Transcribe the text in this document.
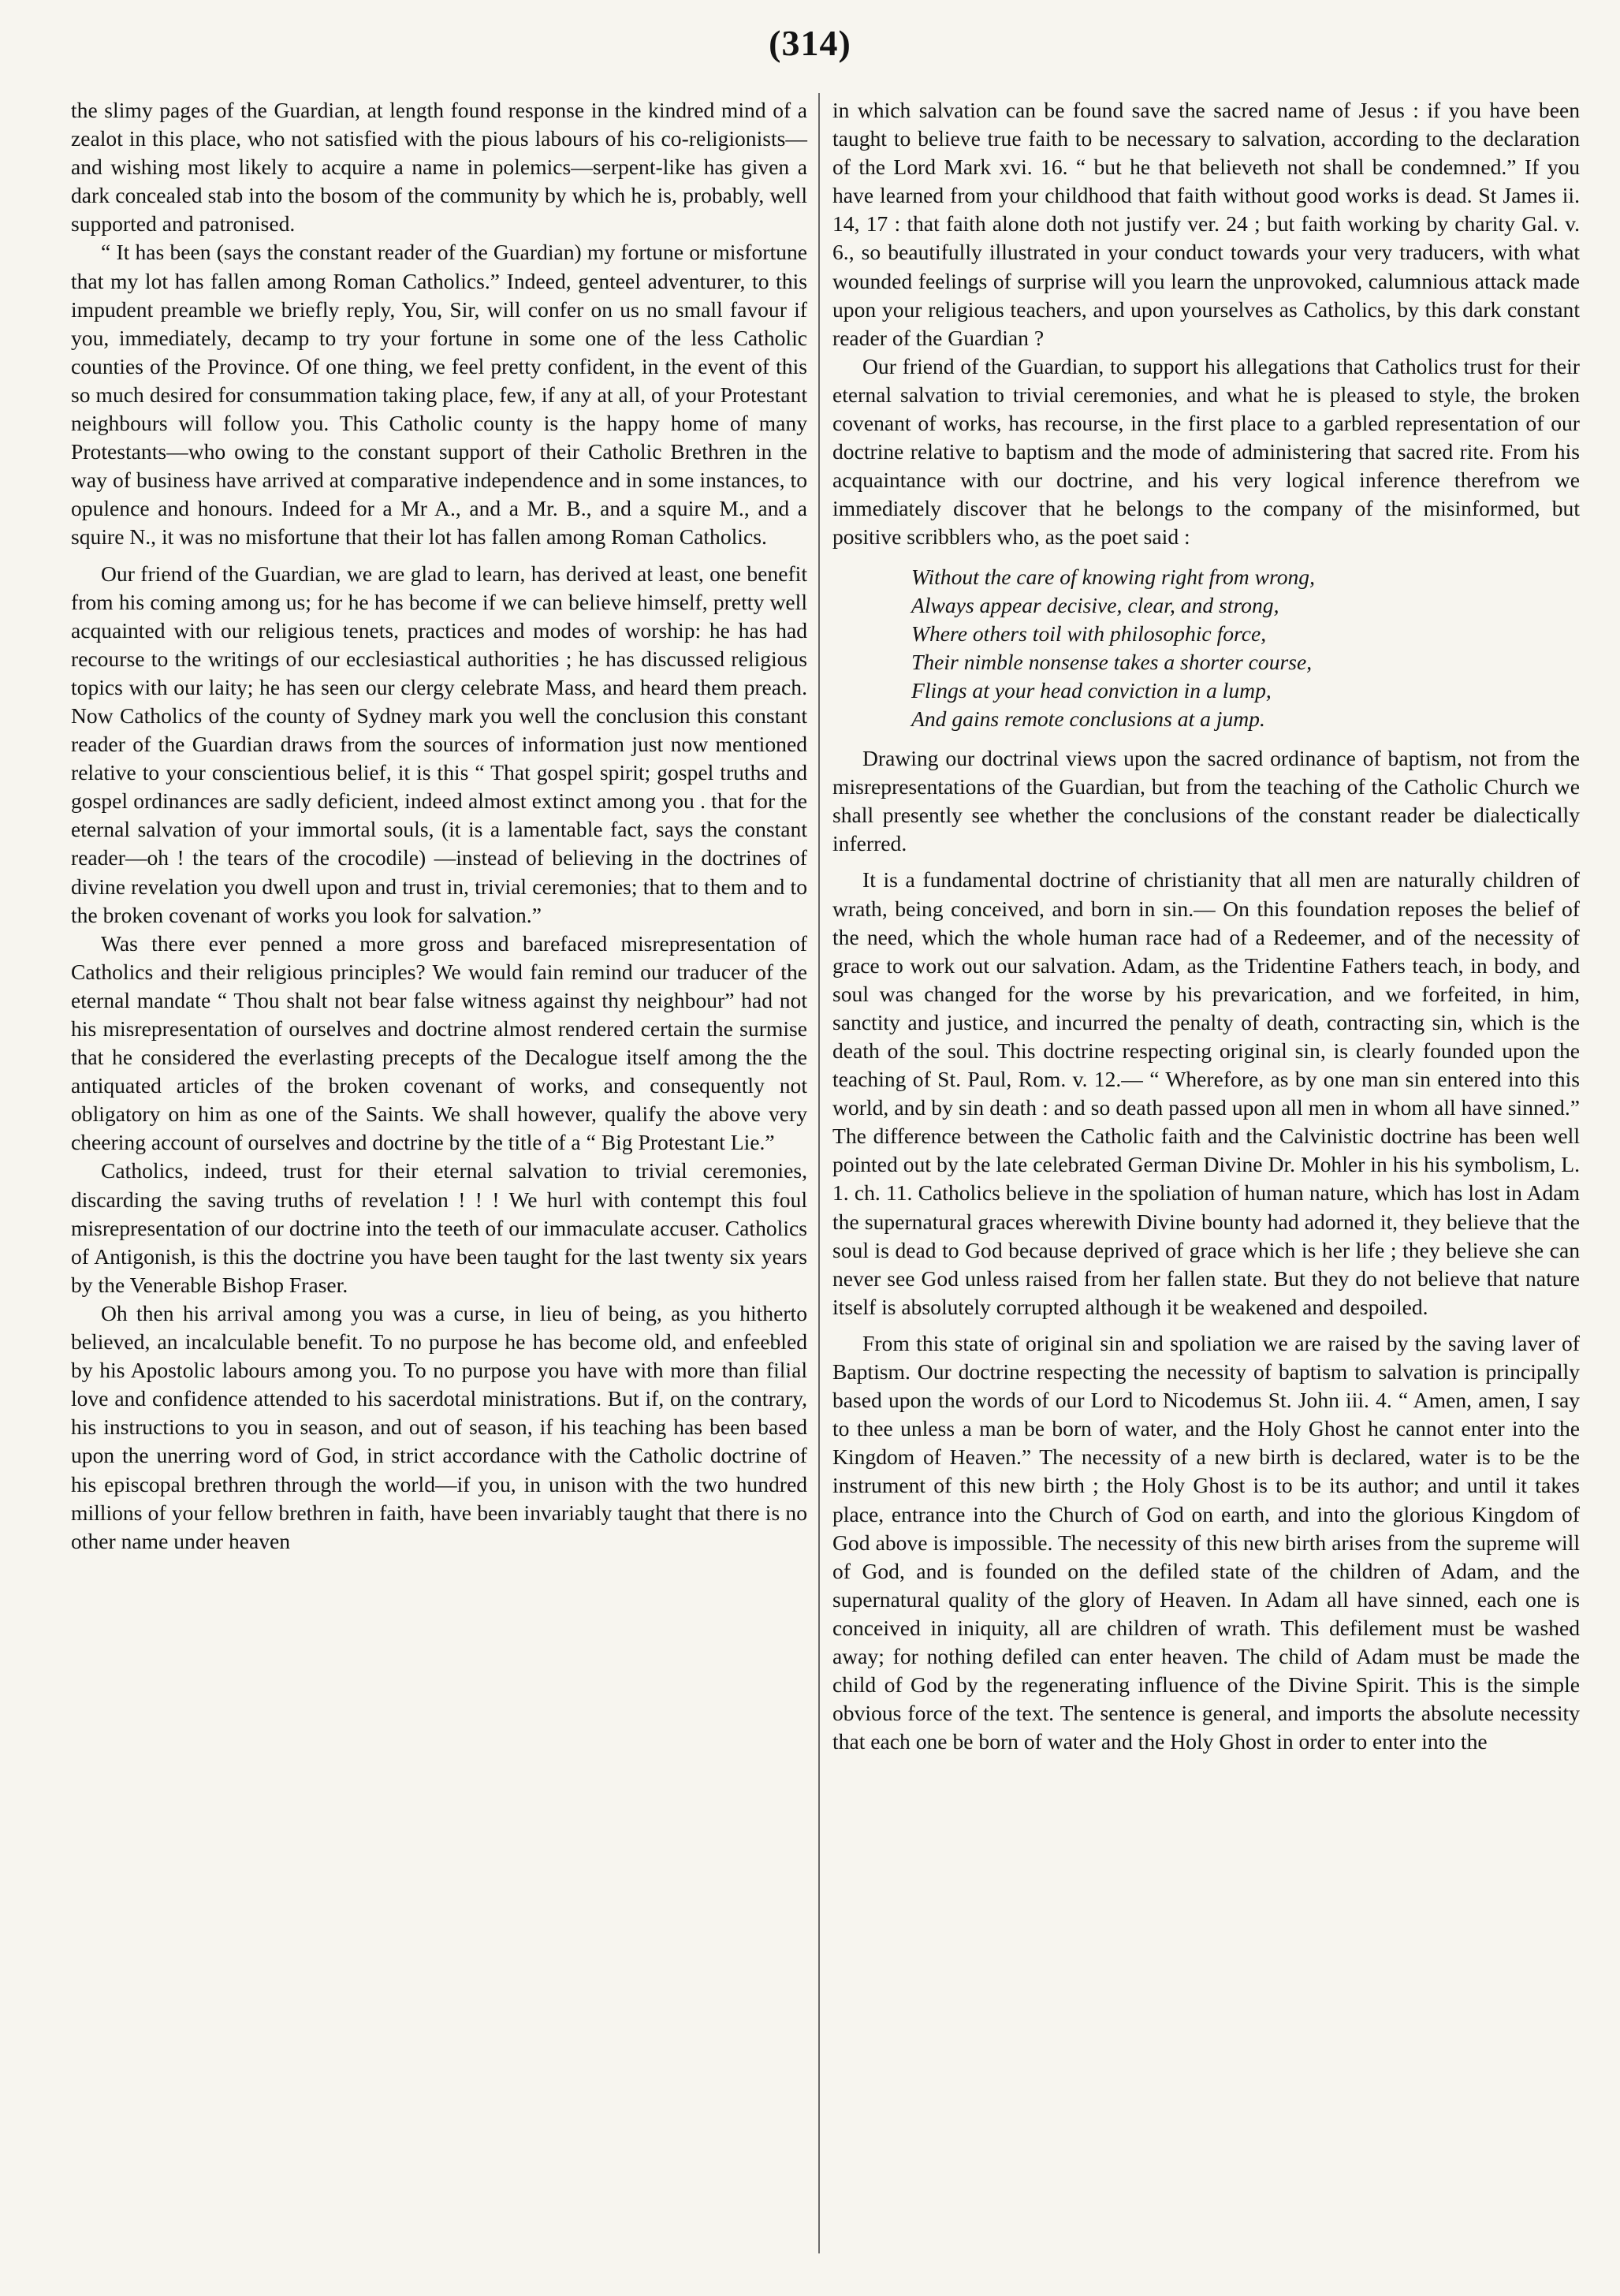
(314)

the slimy pages of the Guardian, at length found response in the kindred mind of a zealot in this place, who not satisfied with the pious labours of his co-religionists—and wishing most likely to acquire a name in polemics—serpent-like has given a dark concealed stab into the bosom of the community by which he is, probably, well supported and patronised.

“ It has been (says the constant reader of the Guardian) my fortune or misfortune that my lot has fallen among Roman Catholics.” Indeed, genteel adventurer, to this impudent preamble we briefly reply, You, Sir, will confer on us no small favour if you, immediately, decamp to try your fortune in some one of the less Catholic counties of the Province. Of one thing, we feel pretty confident, in the event of this so much desired for consummation taking place, few, if any at all, of your Protestant neighbours will follow you. This Catholic county is the happy home of many Protestants—who owing to the constant support of their Catholic Brethren in the way of business have arrived at comparative independence and in some instances, to opulence and honours. Indeed for a Mr A., and a Mr. B., and a squire M., and a squire N., it was no misfortune that their lot has fallen among Roman Catholics.

Our friend of the Guardian, we are glad to learn, has derived at least, one benefit from his coming among us; for he has become if we can believe himself, pretty well acquainted with our religious tenets, practices and modes of worship: he has had recourse to the writings of our ecclesiastical authorities ; he has discussed religious topics with our laity; he has seen our clergy celebrate Mass, and heard them preach. Now Catholics of the county of Sydney mark you well the conclusion this constant reader of the Guardian draws from the sources of information just now mentioned relative to your conscientious belief, it is this “ That gospel spirit; gospel truths and gospel ordinances are sadly deficient, indeed almost extinct among you . that for the eternal salvation of your immortal souls, (it is a lamentable fact, says the constant reader—oh ! the tears of the crocodile) —instead of believing in the doctrines of divine revelation you dwell upon and trust in, trivial ceremonies; that to them and to the broken covenant of works you look for salvation.”

Was there ever penned a more gross and barefaced misrepresentation of Catholics and their religious principles? We would fain remind our traducer of the eternal mandate “ Thou shalt not bear false witness against thy neighbour” had not his misrepresentation of ourselves and doctrine almost rendered certain the surmise that he considered the everlasting precepts of the Decalogue itself among the the antiquated articles of the broken covenant of works, and consequently not obligatory on him as one of the Saints. We shall however, qualify the above very cheering account of ourselves and doctrine by the title of a “ Big Protestant Lie.”

Catholics, indeed, trust for their eternal salvation to trivial ceremonies, discarding the saving truths of revelation ! ! ! We hurl with contempt this foul misrepresentation of our doctrine into the teeth of our immaculate accuser. Catholics of Antigonish, is this the doctrine you have been taught for the last twenty six years by the Venerable Bishop Fraser.

Oh then his arrival among you was a curse, in lieu of being, as you hitherto believed, an incalculable benefit. To no purpose he has become old, and enfeebled by his Apostolic labours among you. To no purpose you have with more than filial love and confidence attended to his sacerdotal ministrations. But if, on the contrary, his instructions to you in season, and out of season, if his teaching has been based upon the unerring word of God, in strict accordance with the Catholic doctrine of his episcopal brethren through the world—if you, in unison with the two hundred millions of your fellow brethren in faith, have been invariably taught that there is no other name under heaven

in which salvation can be found save the sacred name of Jesus : if you have been taught to believe true faith to be necessary to salvation, according to the declaration of the Lord Mark xvi. 16. “ but he that believeth not shall be condemned.” If you have learned from your childhood that faith without good works is dead. St James ii. 14, 17 : that faith alone doth not justify ver. 24 ; but faith working by charity Gal. v. 6., so beautifully illustrated in your conduct towards your very traducers, with what wounded feelings of surprise will you learn the unprovoked, calumnious attack made upon your religious teachers, and upon yourselves as Catholics, by this dark constant reader of the Guardian ?

Our friend of the Guardian, to support his allegations that Catholics trust for their eternal salvation to trivial ceremonies, and what he is pleased to style, the broken covenant of works, has recourse, in the first place to a garbled representation of our doctrine relative to baptism and the mode of administering that sacred rite. From his acquaintance with our doctrine, and his very logical inference therefrom we immediately discover that he belongs to the company of the misinformed, but positive scribblers who, as the poet said :

Without the care of knowing right from wrong,
Always appear decisive, clear, and strong,
Where others toil with philosophic force,
Their nimble nonsense takes a shorter course,
Flings at your head conviction in a lump,
And gains remote conclusions at a jump.

Drawing our doctrinal views upon the sacred ordinance of baptism, not from the misrepresentations of the Guardian, but from the teaching of the Catholic Church we shall presently see whether the conclusions of the constant reader be dialectically inferred.

It is a fundamental doctrine of christianity that all men are naturally children of wrath, being conceived, and born in sin.— On this foundation reposes the belief of the need, which the whole human race had of a Redeemer, and of the necessity of grace to work out our salvation. Adam, as the Tridentine Fathers teach, in body, and soul was changed for the worse by his prevarication, and we forfeited, in him, sanctity and justice, and incurred the penalty of death, contracting sin, which is the death of the soul. This doctrine respecting original sin, is clearly founded upon the teaching of St. Paul, Rom. v. 12.— “ Wherefore, as by one man sin entered into this world, and by sin death : and so death passed upon all men in whom all have sinned.” The difference between the Catholic faith and the Calvinistic doctrine has been well pointed out by the late celebrated German Divine Dr. Mohler in his his symbolism, L. 1. ch. 11. Catholics believe in the spoliation of human nature, which has lost in Adam the supernatural graces wherewith Divine bounty had adorned it, they believe that the soul is dead to God because deprived of grace which is her life ; they believe she can never see God unless raised from her fallen state. But they do not believe that nature itself is absolutely corrupted although it be weakened and despoiled.

From this state of original sin and spoliation we are raised by the saving laver of Baptism. Our doctrine respecting the necessity of baptism to salvation is principally based upon the words of our Lord to Nicodemus St. John iii. 4. “ Amen, amen, I say to thee unless a man be born of water, and the Holy Ghost he cannot enter into the Kingdom of Heaven.” The necessity of a new birth is declared, water is to be the instrument of this new birth ; the Holy Ghost is to be its author; and until it takes place, entrance into the Church of God on earth, and into the glorious Kingdom of God above is impossible. The necessity of this new birth arises from the supreme will of God, and is founded on the defiled state of the children of Adam, and the supernatural quality of the glory of Heaven. In Adam all have sinned, each one is conceived in iniquity, all are children of wrath. This defilement must be washed away; for nothing defiled can enter heaven. The child of Adam must be made the child of God by the regenerating influence of the Divine Spirit. This is the simple obvious force of the text. The sentence is general, and imports the absolute necessity that each one be born of water and the Holy Ghost in order to enter into the
